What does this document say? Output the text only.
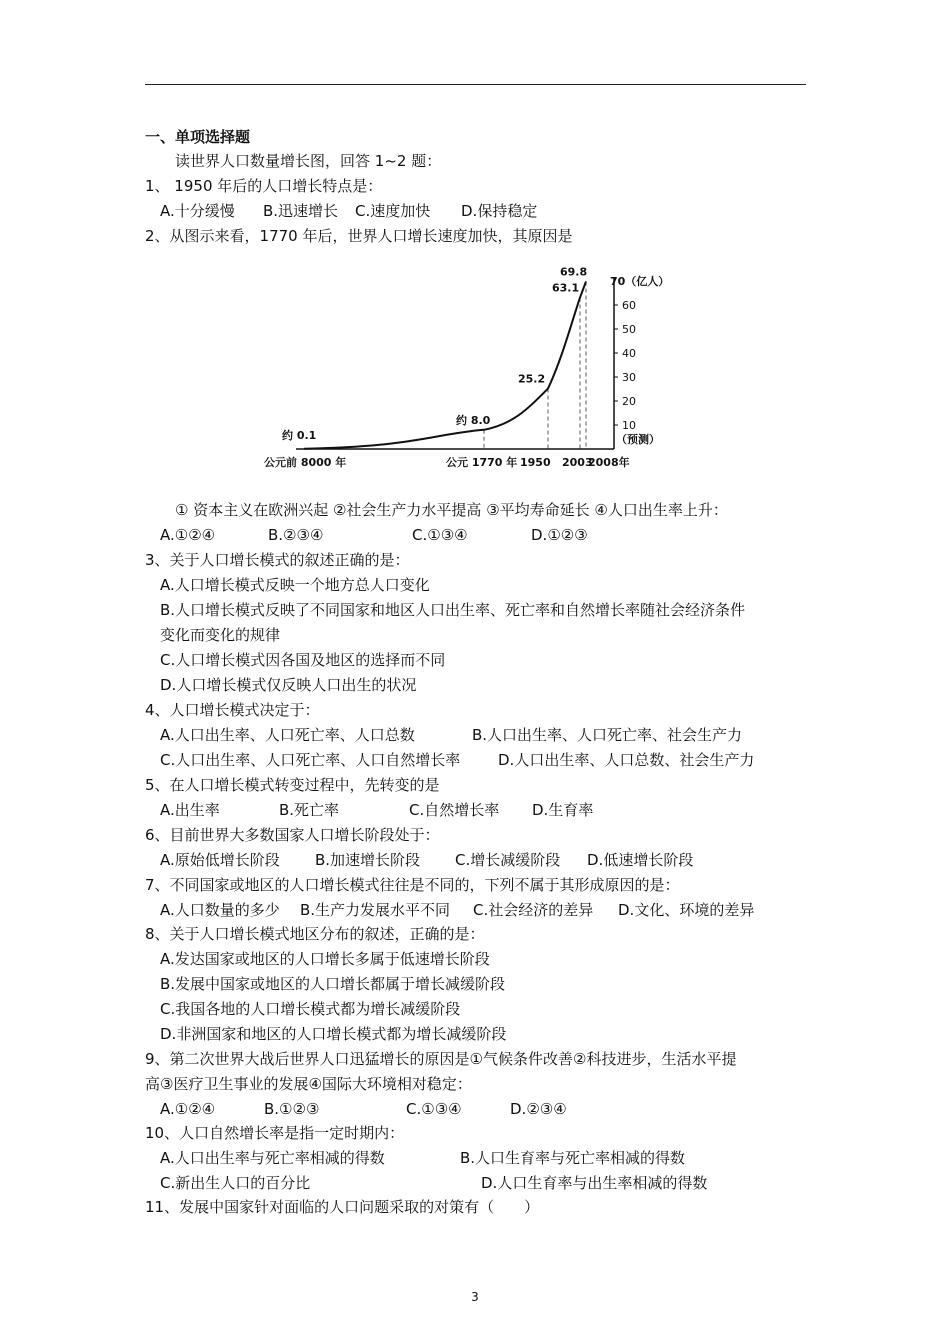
一、单项选择题
读世界人口数量增长图，回答 1~2 题：
1、 1950 年后的人口增长特点是：
A.十分缓慢 B.迅速增长 C.速度加快 D.保持稳定
2、从图示来看，1770 年后，世界人口增长速度加快，其原因是
10
20
30
40
50
60
70（亿人）
约 0.1
约 8.0
25.2
63.1
69.8
公元前 8000 年	公元 1770 年 1950 2003
2008年
（预测）
① 资本主义在欧洲兴起 ②社会生产力水平提高 ③平均寿命延长 ④人口出生率上升：
A.①②④	B.②③④	C.①③④	D.①②③
3、关于人口增长模式的叙述正确的是：
A.人口增长模式反映一个地方总人口变化
B.人口增长模式反映了不同国家和地区人口出生率、死亡率和自然增长率随社会经济条件
变化而变化的规律
C.人口增长模式因各国及地区的选择而不同
D.人口增长模式仅反映人口出生的状况
4、人口增长模式决定于：
A.人口出生率、人口死亡率、人口总数	B.人口出生率、人口死亡率、社会生产力
C.人口出生率、人口死亡率、人口自然增长率	D.人口出生率、人口总数、社会生产力
5、在人口增长模式转变过程中，先转变的是
A.出生率	B.死亡率	C.自然增长率 D.生育率
6、目前世界大多数国家人口增长阶段处于：
A.原始低增长阶段 B.加速增长阶段 C.增长减缓阶段 D.低速增长阶段
7、不同国家或地区的人口增长模式往往是不同的，下列不属于其形成原因的是：
A.人口数量的多少 B.生产力发展水平不同 C.社会经济的差异 D.文化、环境的差异
8、关于人口增长模式地区分布的叙述，正确的是：
A.发达国家或地区的人口增长多属于低速增长阶段
B.发展中国家或地区的人口增长都属于增长减缓阶段
C.我国各地的人口增长模式都为增长减缓阶段
D.非洲国家和地区的人口增长模式都为增长减缓阶段
9、第二次世界大战后世界人口迅猛增长的原因是①气候条件改善②科技进步，生活水平提
高③医疗卫生事业的发展④国际大环境相对稳定：
A.①②④	B.①②③	C.①③④	D.②③④
10、人口自然增长率是指一定时期内：
A.人口出生率与死亡率相减的得数	B.人口生育率与死亡率相减的得数
C.新出生人口的百分比	D.人口生育率与出生率相减的得数
11、发展中国家针对面临的人口问题采取的对策有（　　）
3
